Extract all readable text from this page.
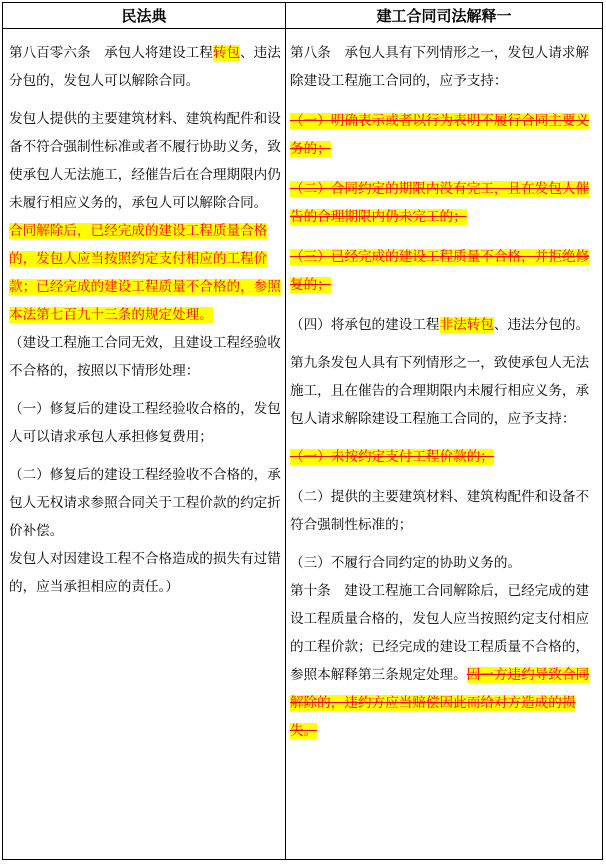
民法典	建工合同司法解释一

第八百零六条　承包人将建设工程转包、违法分包的，发包人可以解除合同。

发包人提供的主要建筑材料、建筑构配件和设备不符合强制性标准或者不履行协助义务，致使承包人无法施工，经催告后在合理期限内仍未履行相应义务的，承包人可以解除合同。

合同解除后，已经完成的建设工程质量合格的，发包人应当按照约定支付相应的工程价款；已经完成的建设工程质量不合格的，参照本法第七百九十三条的规定处理。

（建设工程施工合同无效，且建设工程经验收不合格的，按照以下情形处理：

（一）修复后的建设工程经验收合格的，发包人可以请求承包人承担修复费用；

（二）修复后的建设工程经验收不合格的，承包人无权请求参照合同关于工程价款的约定折价补偿。

发包人对因建设工程不合格造成的损失有过错的，应当承担相应的责任。）

第八条　承包人具有下列情形之一，发包人请求解除建设工程施工合同的，应予支持：

（一）明确表示或者以行为表明不履行合同主要义务的；

（二）合同约定的期限内没有完工，且在发包人催告的合理期限内仍未完工的；

（三）已经完成的建设工程质量不合格，并拒绝修复的；

（四）将承包的建设工程非法转包、违法分包的。

第九条发包人具有下列情形之一，致使承包人无法施工，且在催告的合理期限内未履行相应义务，承包人请求解除建设工程施工合同的，应予支持：

（一）未按约定支付工程价款的；

（二）提供的主要建筑材料、建筑构配件和设备不符合强制性标准的；

（三）不履行合同约定的协助义务的。

第十条　建设工程施工合同解除后，已经完成的建设工程质量合格的，发包人应当按照约定支付相应的工程价款；已经完成的建设工程质量不合格的，参照本解释第三条规定处理。因一方违约导致合同解除的，违约方应当赔偿因此而给对方造成的损失。
